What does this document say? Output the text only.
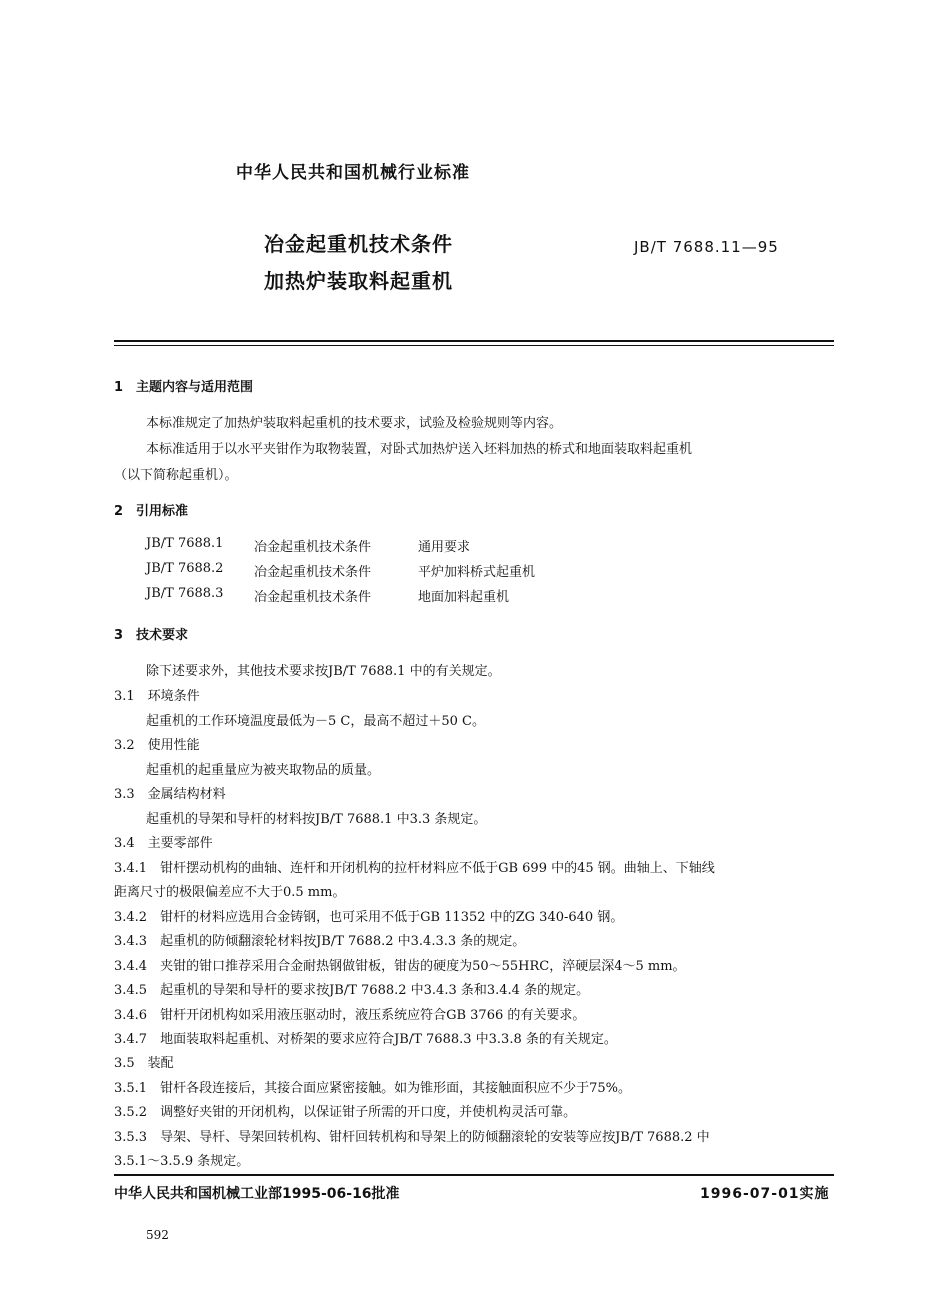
中华人民共和国机械行业标准
冶金起重机技术条件
加热炉装取料起重机
JB/T 7688.11—95
1　主题内容与适用范围
本标准规定了加热炉装取料起重机的技术要求，试验及检验规则等内容。
本标准适用于以水平夹钳作为取物装置，对卧式加热炉送入坯料加热的桥式和地面装取料起重机
（以下简称起重机）。
2　引用标准
JB/T 7688.1 冶金起重机技术条件	通用要求
JB/T 7688.2 冶金起重机技术条件	平炉加料桥式起重机
JB/T 7688.3 冶金起重机技术条件	地面加料起重机
3　技术要求
除下述要求外，其他技术要求按JB/T 7688.1 中的有关规定。
3.1　环境条件
起重机的工作环境温度最低为－5 C，最高不超过＋50 C。
3.2　使用性能
起重机的起重量应为被夹取物品的质量。
3.3　金属结构材料
起重机的导架和导杆的材料按JB/T 7688.1 中3.3 条规定。
3.4　主要零部件
3.4.1　钳杆摆动机构的曲轴、连杆和开闭机构的拉杆材料应不低于GB 699 中的45 钢。曲轴上、下轴线
距离尺寸的极限偏差应不大于0.5 mm。
3.4.2　钳杆的材料应选用合金铸钢，也可采用不低于GB 11352 中的ZG 340-640 钢。
3.4.3　起重机的防倾翻滚轮材料按JB/T 7688.2 中3.4.3.3 条的规定。
3.4.4　夹钳的钳口推荐采用合金耐热钢做钳板，钳齿的硬度为50～55HRC，淬硬层深4～5 mm。
3.4.5　起重机的导架和导杆的要求按JB/T 7688.2 中3.4.3 条和3.4.4 条的规定。
3.4.6　钳杆开闭机构如采用液压驱动时，液压系统应符合GB 3766 的有关要求。
3.4.7　地面装取料起重机、对桥架的要求应符合JB/T 7688.3 中3.3.8 条的有关规定。
3.5　装配
3.5.1　钳杆各段连接后，其接合面应紧密接触。如为锥形面，其接触面积应不少于75%。
3.5.2　调整好夹钳的开闭机构，以保证钳子所需的开口度，并使机构灵活可靠。
3.5.3　导架、导杆、导架回转机构、钳杆回转机构和导架上的防倾翻滚轮的安装等应按JB/T 7688.2 中
3.5.1～3.5.9 条规定。
中华人民共和国机械工业部1995-06-16批准	1996-07-01实施
592
